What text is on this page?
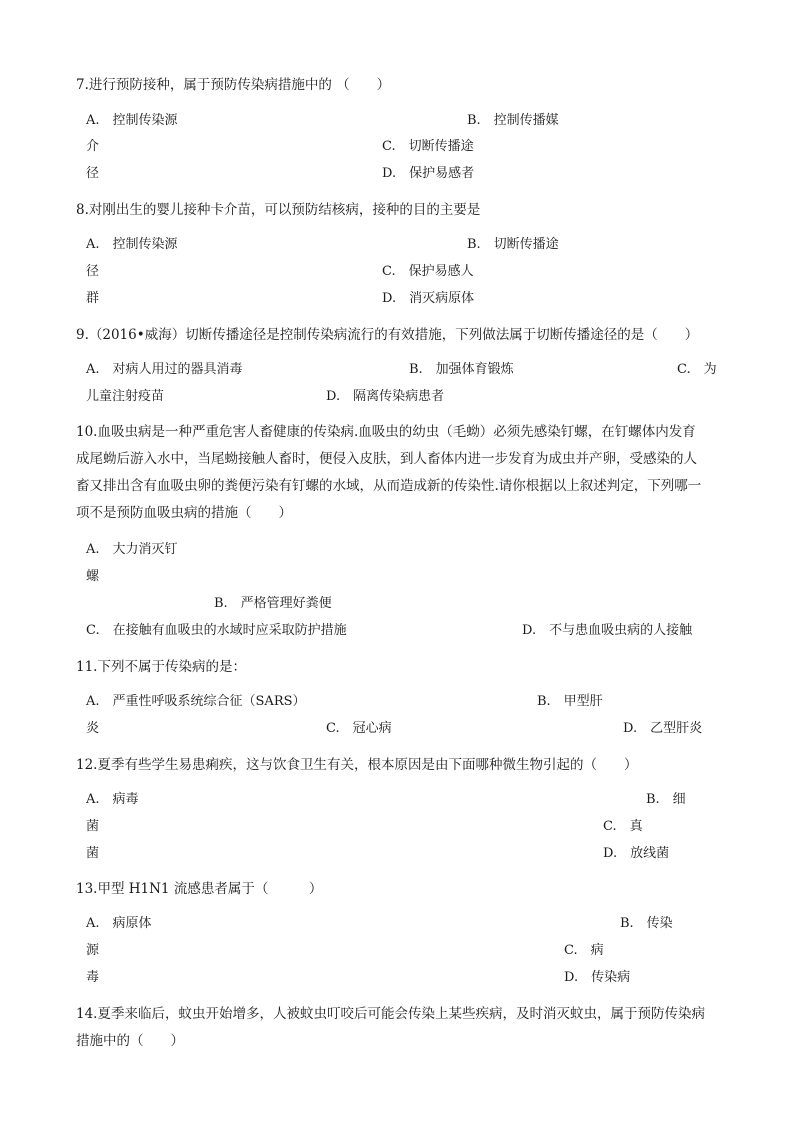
7.进行预防接种，属于预防传染病措施中的 （　　）
A.　控制传染源	B.　控制传播媒
介	C.　切断传播途
径	D.　保护易感者
8.对刚出生的婴儿接种卡介苗，可以预防结核病，接种的目的主要是
A.　控制传染源	B.　切断传播途
径	C.　保护易感人
群	D.　消灭病原体
9.（2016•威海）切断传播途径是控制传染病流行的有效措施，下列做法属于切断传播途径的是（　　）
A.　对病人用过的器具消毒	B.　加强体育锻炼	C.　为
儿童注射疫苗	D.　隔离传染病患者
10.血吸虫病是一种严重危害人畜健康的传染病.血吸虫的幼虫（毛蚴）必须先感染钉螺，在钉螺体内发育
成尾蚴后游入水中，当尾蚴接触人畜时，便侵入皮肤，到人畜体内进一步发育为成虫并产卵，受感染的人
畜又排出含有血吸虫卵的粪便污染有钉螺的水域，从而造成新的传染性.请你根据以上叙述判定，下列哪一
项不是预防血吸虫病的措施（　　）
A.　大力消灭钉
螺
B.　严格管理好粪便
C.　在接触有血吸虫的水域时应采取防护措施	D.　不与患血吸虫病的人接触
11.下列不属于传染病的是：
A.　严重性呼吸系统综合征（SARS）	B.　甲型肝
炎	C.　冠心病	D.　乙型肝炎
12.夏季有些学生易患痢疾，这与饮食卫生有关，根本原因是由下面哪种微生物引起的（　　）
A.　病毒	B.　细
菌	C.　真
菌	D.　放线菌
13.甲型 H1N1 流感患者属于（　　　）
A.　病原体	B.　传染
源	C.　病
毒	D.　传染病
14.夏季来临后，蚊虫开始增多，人被蚊虫叮咬后可能会传染上某些疾病，及时消灭蚊虫，属于预防传染病
措施中的（　　）
